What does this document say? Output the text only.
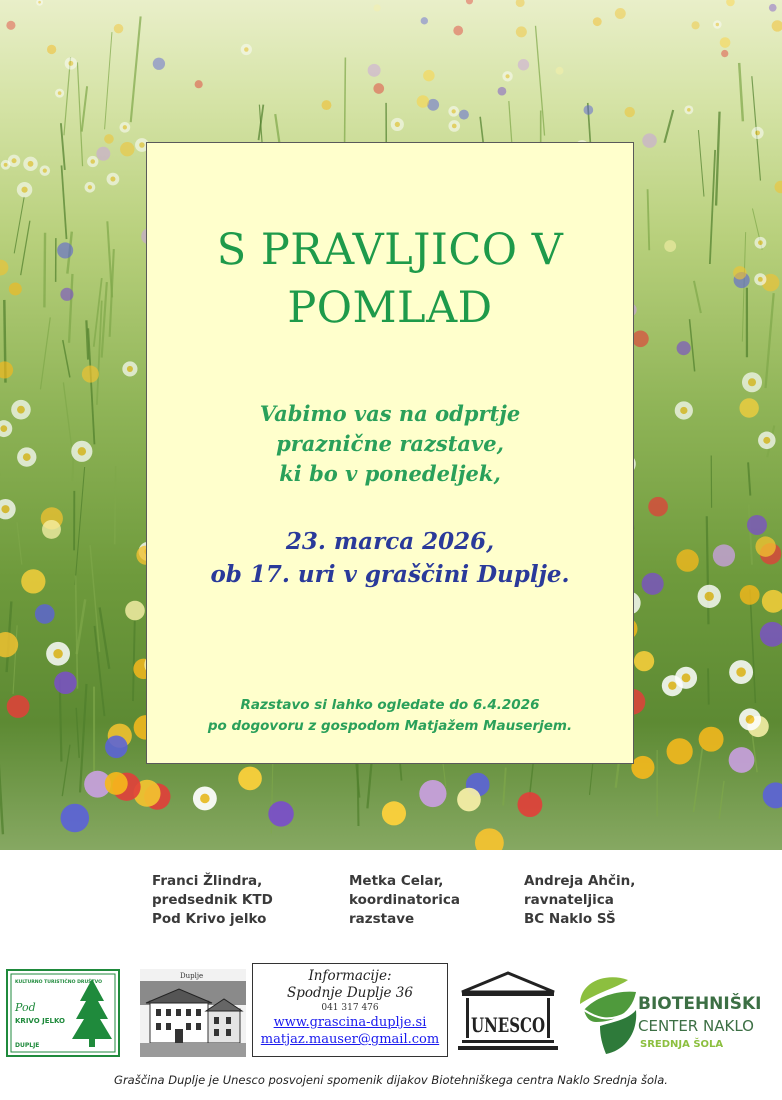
S PRAVLJICO V
POMLAD
Vabimo vas na odprtje
praznične razstave,
ki bo v ponedeljek,
23. marca 2026,
ob 17. uri v graščini Duplje.
Razstavo si lahko ogledate do 6.4.2026
po dogovoru z gospodom Matjažem Mauserjem.
Franci Žlindra,
predsednik KTD
Pod Krivo jelko
Metka Celar,
koordinatorica
razstave
Andreja Ahčin,
ravnateljica
BC Naklo SŠ
KULTURNO TURISTIČNO DRUŠTVO
Pod
KRIVO JELKO
DUPLJE
Duplje	Informacije:
Spodnje Duplje 36
041 317 476
www.grascina-duplje.si
matjaz.mauser@gmail.com
UNESCO
BIOTEHNIŠKI
CENTER NAKLO
SREDNJA ŠOLA
Graščina Duplje je Unesco posvojeni spomenik dijakov Biotehniškega centra Naklo Srednja šola.
